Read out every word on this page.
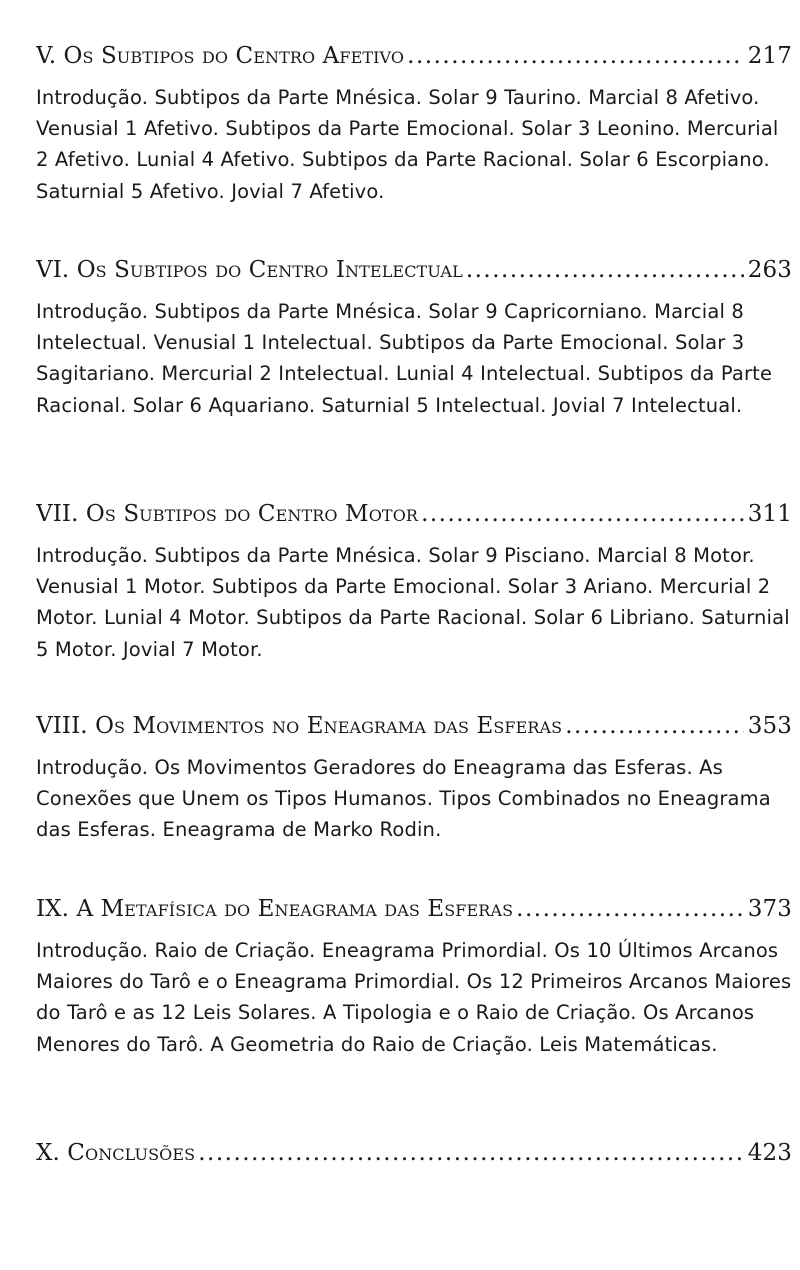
V. Os Subtipos do Centro Afetivo .....	217

Introdução. Subtipos da Parte Mnésica. Solar 9 Taurino. Marcial 8 Afetivo. Venusial 1 Afetivo. Subtipos da Parte Emocional. Solar 3 Leonino. Mercurial 2 Afetivo. Lunial 4 Afetivo. Subtipos da Parte Racional. Solar 6 Escorpiano. Saturnial 5 Afetivo. Jovial 7 Afetivo.

VI. Os Subtipos do Centro Intelectual .....	263

Introdução. Subtipos da Parte Mnésica. Solar 9 Capricorniano. Marcial 8 Intelectual. Venusial 1 Intelectual. Subtipos da Parte Emocional. Solar 3 Sagitariano. Mercurial 2 Intelectual. Lunial 4 Intelectual. Subtipos da Parte Racional. Solar 6 Aquariano. Saturnial 5 Intelectual. Jovial 7 Intelectual.

VII. Os Subtipos do Centro Motor .....	311

Introdução. Subtipos da Parte Mnésica. Solar 9 Pisciano. Marcial 8 Motor. Venusial 1 Motor. Subtipos da Parte Emocional. Solar 3 Ariano. Mercurial 2 Motor. Lunial 4 Motor. Subtipos da Parte Racional. Solar 6 Libriano. Saturnial 5 Motor. Jovial 7 Motor.

VIII. Os Movimentos no Eneagrama das Esferas .....	353

Introdução. Os Movimentos Geradores do Eneagrama das Esferas. As Conexões que Unem os Tipos Humanos. Tipos Combinados no Eneagrama das Esferas. Eneagrama de Marko Rodin.

IX. A Metafísica do Eneagrama das Esferas .....	373

Introdução. Raio de Criação. Eneagrama Primordial. Os 10 Últimos Arcanos Maiores do Tarô e o Eneagrama Primordial. Os 12 Primeiros Arcanos Maiores do Tarô e as 12 Leis Solares. A Tipologia e o Raio de Criação. Os Arcanos Menores do Tarô. A Geometria do Raio de Criação. Leis Matemáticas.

X. Conclusões .....	423
